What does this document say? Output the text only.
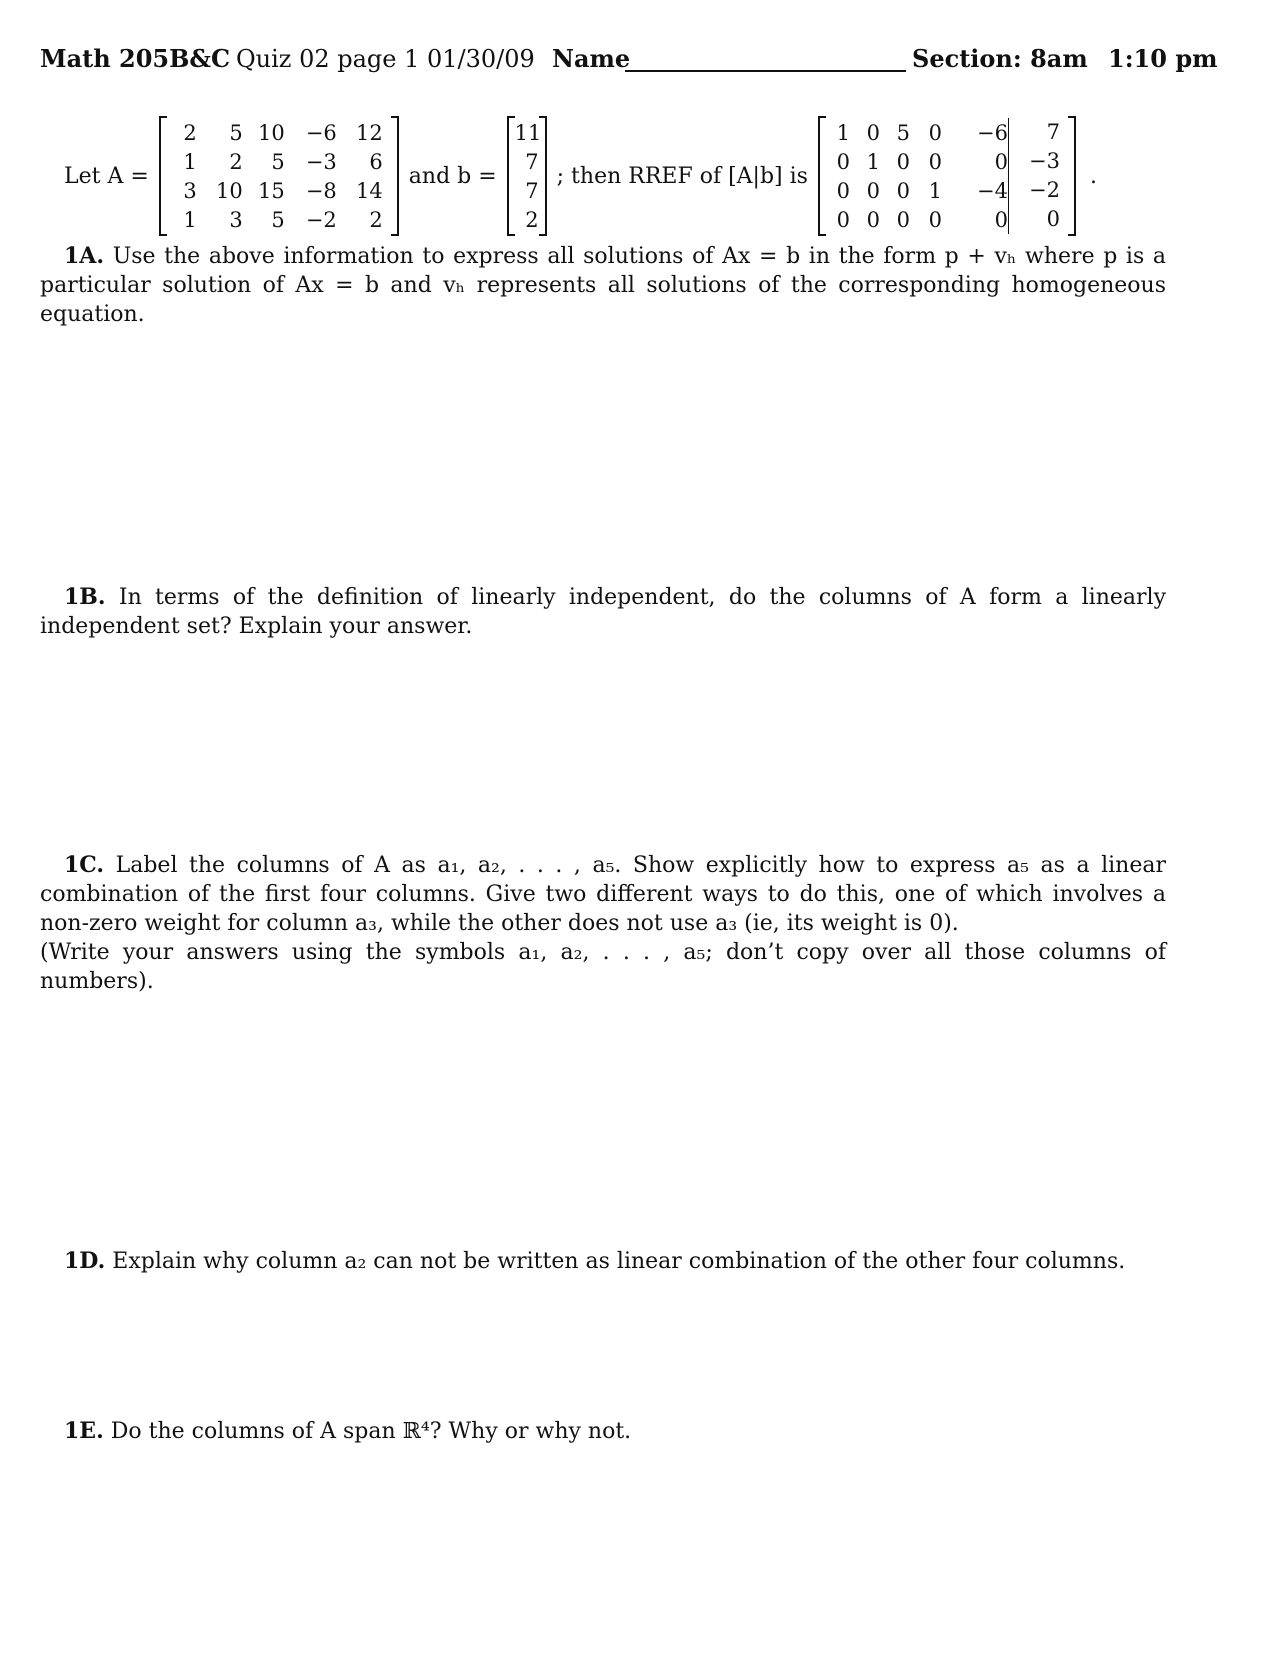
Math 205B&C Quiz 02 page 1 01/30/09 Name	Section: 8am 1:10 pm
Let A =
2	5 10	−6 12
1	2	5	−3	6
3 10 15	−8 14
1	3	5	−2	2
and b =
11
7
7
2
; then RREF of [A|b] is
1 0 5 0	−6	7
0 1 0 0	0	−3
0 0 0 1	−4	−2
0 0 0 0	0	0
.
1A. Use the above information to express all solutions of Ax = b in the form p + vₕ where p is a particular solution of Ax = b and vₕ represents all solutions of the corresponding homogeneous equation.
1B. In terms of the definition of linearly independent, do the columns of A form a linearly independent set? Explain your answer.
1C. Label the columns of A as a₁, a₂, . . . , a₅. Show explicitly how to express a₅ as a linear combination of the first four columns. Give two different ways to do this, one of which involves a non-zero weight for column a₃, while the other does not use a₃ (ie, its weight is 0).
(Write your answers using the symbols a₁, a₂, . . . , a₅; don’t copy over all those columns of numbers).
1D. Explain why column a₂ can not be written as linear combination of the other four columns.
1E. Do the columns of A span ℝ⁴? Why or why not.
